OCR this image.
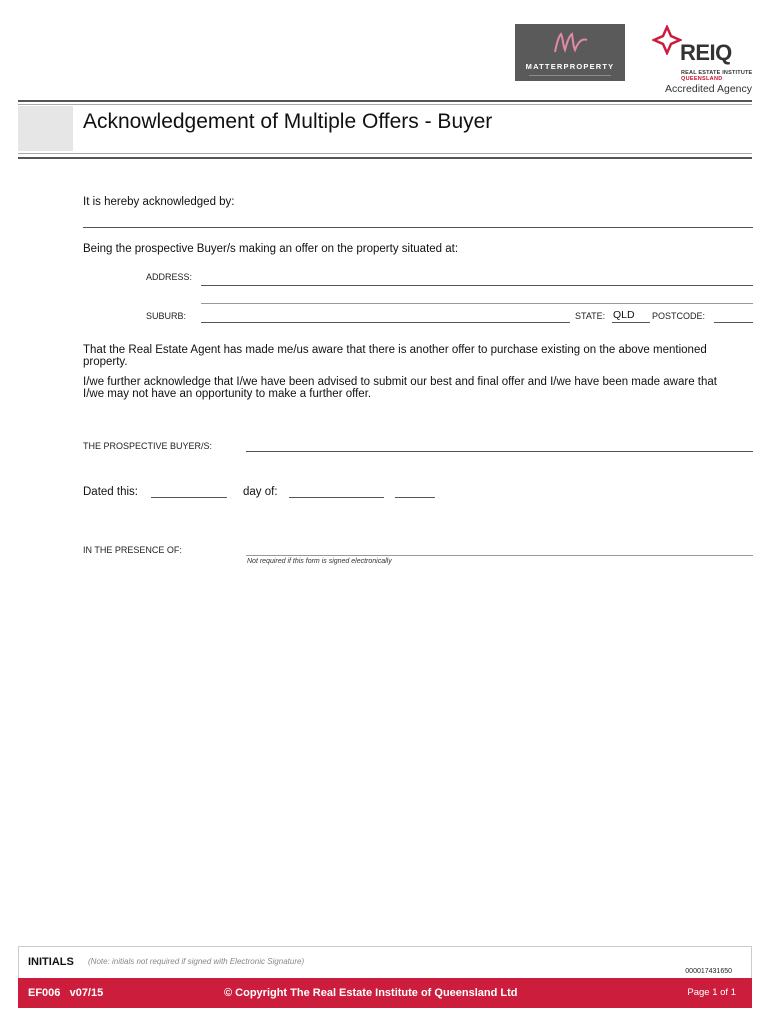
MATTERPROPERTY
REIQ
REAL ESTATE INSTITUTE
QUEENSLAND
Accredited Agency
Acknowledgement of Multiple Offers - Buyer
It is hereby acknowledged by:
Being the prospective Buyer/s making an offer on the property situated at:
ADDRESS:
SUBURB:	STATE: QLD POSTCODE:
That the Real Estate Agent has made me/us aware that there is another offer to purchase existing on the above mentioned property.
I/we further acknowledge that I/we have been advised to submit our best and final offer and I/we have been made aware that I/we may not have an opportunity to make a further offer.
THE PROSPECTIVE BUYER/S:
Dated this:	day of:
IN THE PRESENCE OF:
Not required if this form is signed electronically
INITIALS (Note: initials not required if signed with Electronic Signature)
000017431650
EF006   v07/15	© Copyright The Real Estate Institute of Queensland Ltd	Page 1 of 1
